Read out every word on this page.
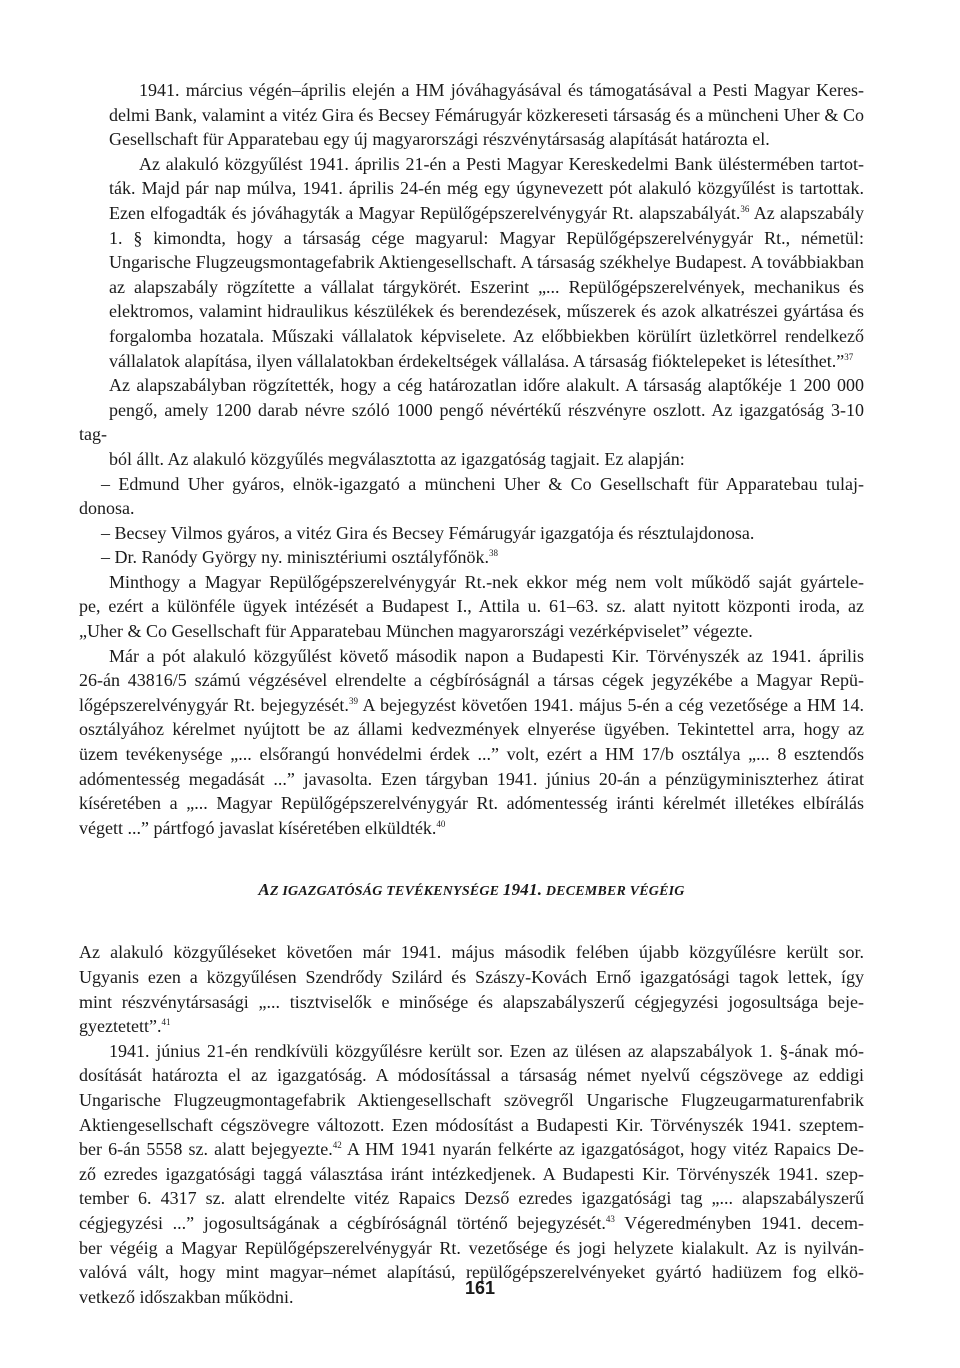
1941. március végén–április elején a HM jóváhagyásával és támogatásával a Pesti Magyar Keres-
delmi Bank, valamint a vitéz Gira és Becsey Fémárugyár közkereseti társaság és a müncheni Uher & Co
Gesellschaft für Apparatebau egy új magyarországi részvénytársaság alapítását határozta el.
Az alakuló közgyűlést 1941. április 21-én a Pesti Magyar Kereskedelmi Bank üléstermében tartot-
ták. Majd pár nap múlva, 1941. április 24-én még egy úgynevezett pót alakuló közgyűlést is tartottak.
Ezen elfogadták és jóváhagyták a Magyar Repülőgépszerelvénygyár Rt. alapszabályát.$^{36}$ Az alapszabály
1. § kimondta, hogy a társaság cége magyarul: Magyar Repülőgépszerelvénygyár Rt., németül:
Ungarische Flugzeugsmontagefabrik Aktiengesellschaft. A társaság székhelye Budapest. A továbbiakban
az alapszabály rögzítette a vállalat tárgykörét. Eszerint „... Repülőgépszerelvények, mechanikus és
elektromos, valamint hidraulikus készülékek és berendezések, műszerek és azok alkatrészei gyártása és
forgalomba hozatala. Műszaki vállalatok képviselete. Az előbbiekben körülírt üzletkörrel rendelkező
vállalatok alapítása, ilyen vállalatokban érdekeltségek vállalása. A társaság fióktelepeket is létesíthet.”$^{37}$
Az alapszabályban rögzítették, hogy a cég határozatlan időre alakult. A társaság alaptőkéje 1 200 000
pengő, amely 1200 darab névre szóló 1000 pengő névértékű részvényre oszlott. Az igazgatóság 3-10 tag-
ból állt. Az alakuló közgyűlés megválasztotta az igazgatóság tagjait. Ez alapján:
– Edmund Uher gyáros, elnök-igazgató a müncheni Uher & Co Gesellschaft für Apparatebau tulaj-
donosa.
– Becsey Vilmos gyáros, a vitéz Gira és Becsey Fémárugyár igazgatója és résztulajdonosa.
– Dr. Ranódy György ny. minisztériumi osztályfőnök.$^{38}$
Minthogy a Magyar Repülőgépszerelvénygyár Rt.-nek ekkor még nem volt működő saját gyártele-
pe, ezért a különféle ügyek intézését a Budapest I., Attila u. 61–63. sz. alatt nyitott központi iroda, az
„Uher & Co Gesellschaft für Apparatebau München magyarországi vezérképviselet” végezte.
Már a pót alakuló közgyűlést követő második napon a Budapesti Kir. Törvényszék az 1941. április
26-án 43816/5 számú végzésével elrendelte a cégbíróságnál a társas cégek jegyzékébe a Magyar Repü-
lőgépszerelvénygyár Rt. bejegyzését.$^{39}$ A bejegyzést követően 1941. május 5-én a cég vezetősége a HM 14.
osztályához kérelmet nyújtott be az állami kedvezmények elnyerése ügyében. Tekintettel arra, hogy az
üzem tevékenysége „... elsőrangú honvédelmi érdek ...” volt, ezért a HM 17/b osztálya „... 8 esztendős
adómentesség megadását ...” javasolta. Ezen tárgyban 1941. június 20-án a pénzügyminiszterhez átirat
kíséretében a „... Magyar Repülőgépszerelvénygyár Rt. adómentesség iránti kérelmét illetékes elbírálás
végett ...” pártfogó javaslat kíséretében elküldték.$^{40}$
AZ IGAZGATÓSÁG TEVÉKENYSÉGE 1941. DECEMBER VÉGÉIG
Az alakuló közgyűléseket követően már 1941. május második felében újabb közgyűlésre került sor.
Ugyanis ezen a közgyűlésen Szendrődy Szilárd és Szászy-Kovách Ernő igazgatósági tagok lettek, így
mint részvénytársasági „... tisztviselők e minősége és alapszabályszerű cégjegyzési jogosultsága beje-
gyeztetett”.$^{41}$
1941. június 21-én rendkívüli közgyűlésre került sor. Ezen az ülésen az alapszabályok 1. §-ának mó-
dosítását határozta el az igazgatóság. A módosítással a társaság német nyelvű cégszövege az eddigi
Ungarische Flugzeugmontagefabrik Aktiengesellschaft szövegről Ungarische Flugzeugarmaturenfabrik
Aktiengesellschaft cégszövegre változott. Ezen módosítást a Budapesti Kir. Törvényszék 1941. szeptem-
ber 6-án 5558 sz. alatt bejegyezte.$^{42}$ A HM 1941 nyarán felkérte az igazgatóságot, hogy vitéz Rapaics De-
ző ezredes igazgatósági taggá választása iránt intézkedjenek. A Budapesti Kir. Törvényszék 1941. szep-
tember 6. 4317 sz. alatt elrendelte vitéz Rapaics Dezső ezredes igazgatósági tag „... alapszabályszerű
cégjegyzési ...” jogosultságának a cégbíróságnál történő bejegyzését.$^{43}$ Végeredményben 1941. decem-
ber végéig a Magyar Repülőgépszerelvénygyár Rt. vezetősége és jogi helyzete kialakult. Az is nyilván-
valóvá vált, hogy mint magyar–német alapítású, repülőgépszerelvényeket gyártó hadiüzem fog elkö-
vetkező időszakban működni.	161
